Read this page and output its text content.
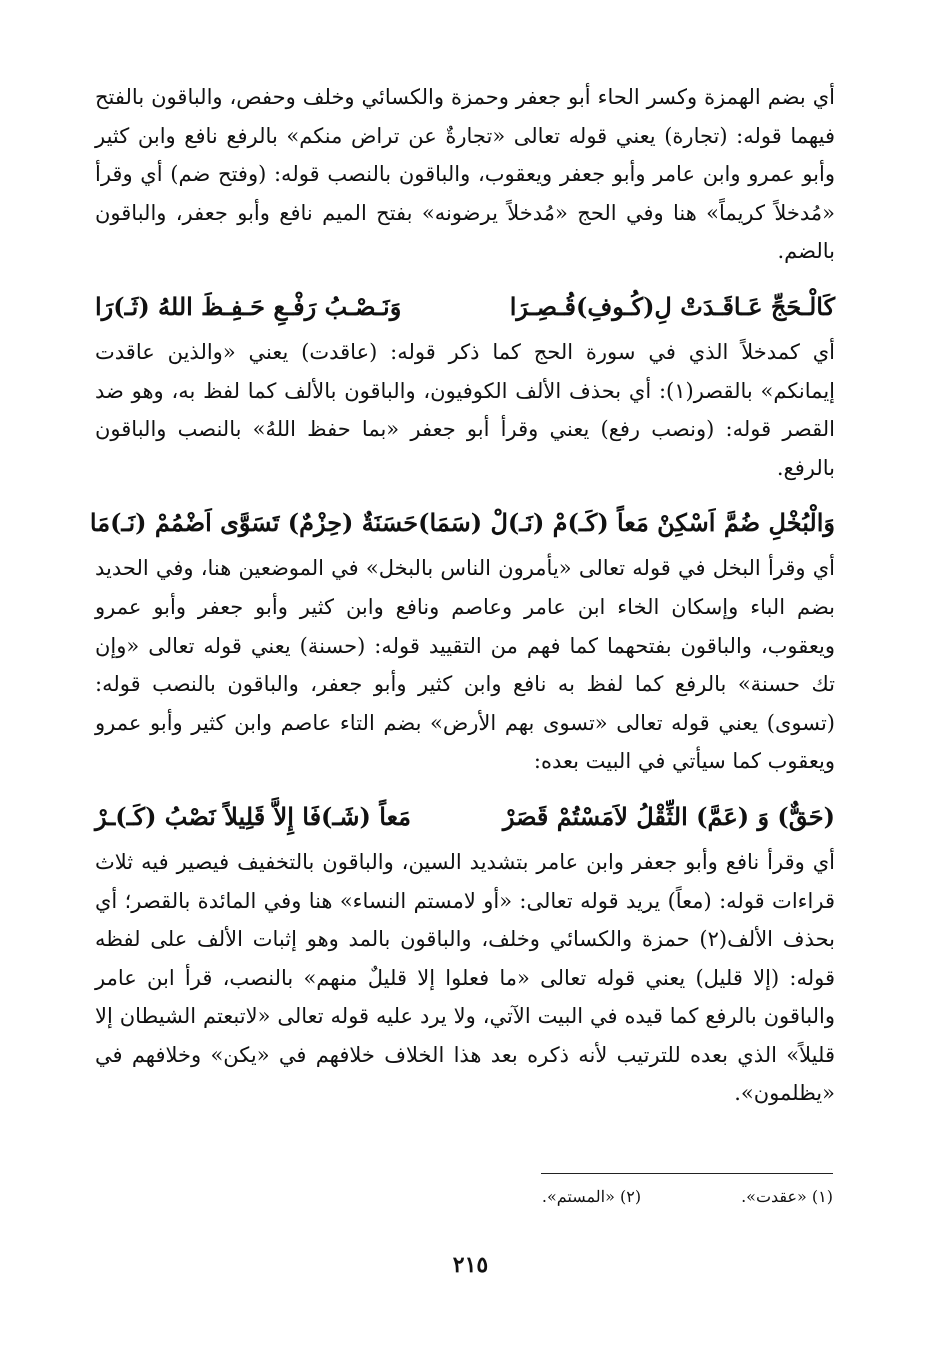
أي بضم الهمزة وكسر الحاء أبو جعفر وحمزة والكسائي وخلف وحفص، والباقون بالفتح فيهما قوله: (تجارة) يعني قوله تعالى «تجارةٌ عن تراض منكم» بالرفع نافع وابن كثير وأبو عمرو وابن عامر وأبو جعفر ويعقوب، والباقون بالنصب قوله: (وفتح ضم) أي وقرأ «مُدخلاً كريماً» هنا وفي الحج «مُدخلاً يرضونه» بفتح الميم نافع وأبو جعفر، والباقون بالضم.

كَالْـحَجِّ عَـاقَـدَتْ لِ(كُـوفِ)قُـصِـرَا
وَنَـصْـبُ رَفْـعِ حَـفِـظَ اللهُ (ثَـ)رَا

أي كمدخلاً الذي في سورة الحج كما ذكر قوله: (عاقدت) يعني «والذين عاقدت إيمانكم» بالقصر(١): أي بحذف الألف الكوفيون، والباقون بالألف كما لفظ به، وهو ضد القصر قوله: (ونصب رفع) يعني وقرأ أبو جعفر «بما حفظ اللهُ» بالنصب والباقون بالرفع.

وَالْبُخْلِ ضُمَّ اَسْكِنْ مَعاً (كَـ)مْ (نَـ)لْ (سَمَا)
حَسَنَةٌ (حِزْمٌ) تَسَوَّى اَضْمُمْ (نَـ)مَا

أي وقرأ البخل في قوله تعالى «يأمرون الناس بالبخل» في الموضعين هنا، وفي الحديد بضم الباء وإسكان الخاء ابن عامر وعاصم ونافع وابن كثير وأبو جعفر وأبو عمرو ويعقوب، والباقون بفتحهما كما فهم من التقييد قوله: (حسنة) يعني قوله تعالى «وإن تك حسنة» بالرفع كما لفظ به نافع وابن كثير وأبو جعفر، والباقون بالنصب قوله: (تسوى) يعني قوله تعالى «تسوى بهم الأرض» بضم التاء عاصم وابن كثير وأبو عمرو ويعقوب كما سيأتي في البيت بعده:

(حَقٌّ) وَ (عَمَّ) الثِّقْلُ لاَمَسْتُمْ قَصَرْ
مَعاً (شَـ)فَا إِلاَّ قَلِيلاً نَصْبُ (كَـ)ـرْ

أي وقرأ نافع وأبو جعفر وابن عامر بتشديد السين، والباقون بالتخفيف فيصير فيه ثلاث قراءات قوله: (معاً) يريد قوله تعالى: «أو لامستم النساء» هنا وفي المائدة بالقصر؛ أي بحذف الألف(٢) حمزة والكسائي وخلف، والباقون بالمد وهو إثبات الألف على لفظه قوله: (إلا قليل) يعني قوله تعالى «ما فعلوا إلا قليلٌ منهم» بالنصب، قرأ ابن عامر والباقون بالرفع كما قيده في البيت الآتي، ولا يرد عليه قوله تعالى «لاتبعتم الشيطان إلا قليلاً» الذي بعده للترتيب لأنه ذكره بعد هذا الخلاف خلافهم في «يكن» وخلافهم في «يظلمون».

(١) «عقدت».
(٢) «المستم».
٢١٥
